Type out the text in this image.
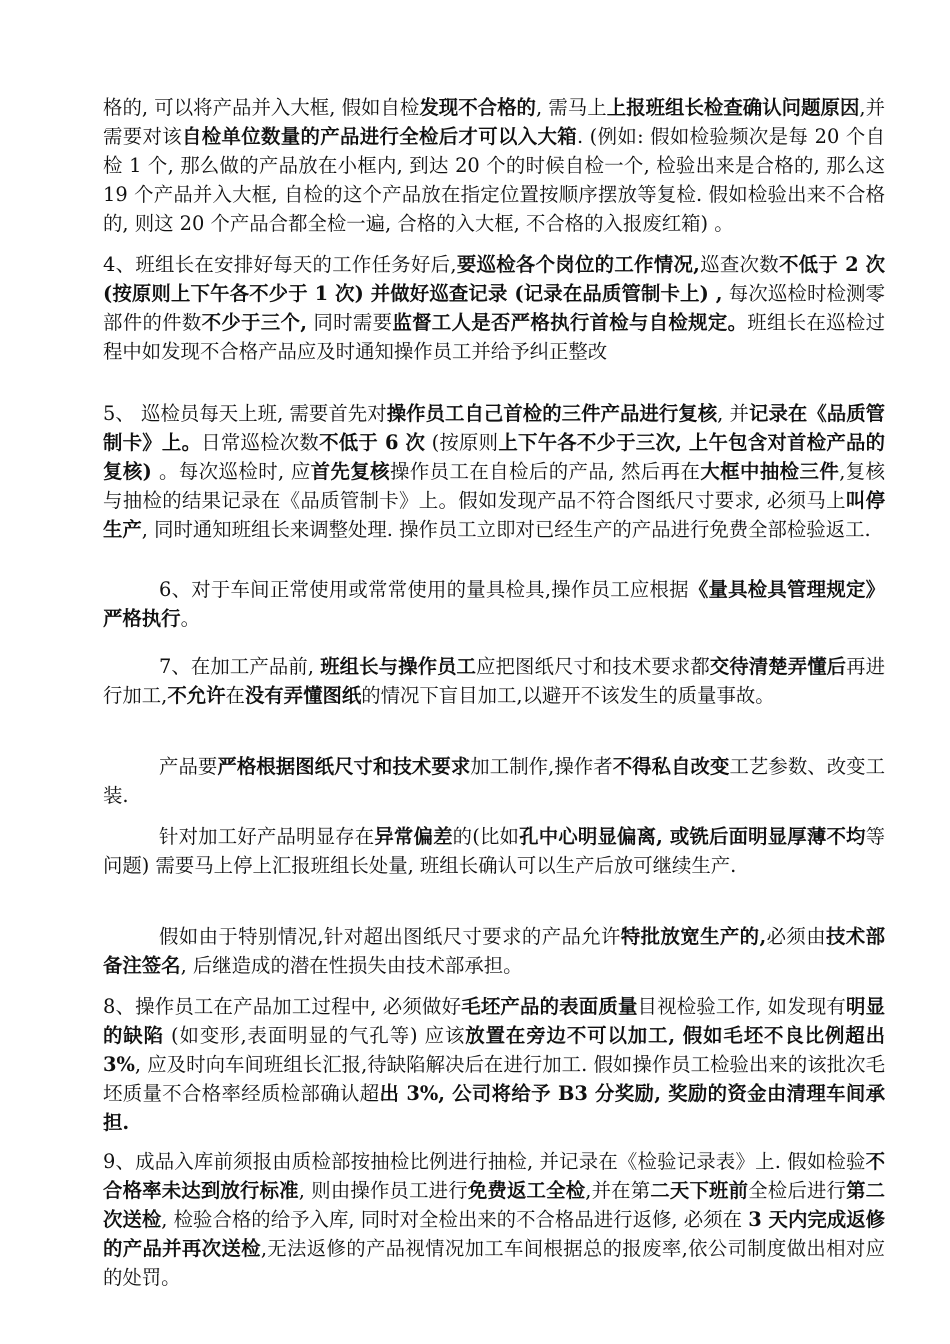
格的, 可以将产品并入大框, 假如自检发现不合格的, 需马上上报班组长检查确认问题原因,并需要对该自检单位数量的产品进行全检后才可以入大箱. (例如: 假如检验频次是每 20 个自检 1 个, 那么做的产品放在小框内, 到达 20 个的时候自检一个, 检验出来是合格的, 那么这 19 个产品并入大框, 自检的这个产品放在指定位置按顺序摆放等复检. 假如检验出来不合格的, 则这 20 个产品合都全检一遍, 合格的入大框, 不合格的入报废红箱) 。

4、班组长在安排好每天的工作任务好后,要巡检各个岗位的工作情况,巡查次数不低于 2 次(按原则上下午各不少于 1 次) 并做好巡查记录 (记录在品质管制卡上) , 每次巡检时检测零部件的件数不少于三个, 同时需要监督工人是否严格执行首检与自检规定。班组长在巡检过程中如发现不合格产品应及时通知操作员工并给予纠正整改

5、 巡检员每天上班, 需要首先对操作员工自己首检的三件产品进行复核, 并记录在《品质管制卡》上。日常巡检次数不低于 6 次 (按原则上下午各不少于三次, 上午包含对首检产品的复核) 。每次巡检时, 应首先复核操作员工在自检后的产品, 然后再在大框中抽检三件,复核与抽检的结果记录在《品质管制卡》上。假如发现产品不符合图纸尺寸要求, 必须马上叫停生产, 同时通知班组长来调整处理. 操作员工立即对已经生产的产品进行免费全部检验返工.

6、对于车间正常使用或常常使用的量具检具,操作员工应根据《量具检具管理规定》严格执行。

7、在加工产品前, 班组长与操作员工应把图纸尺寸和技术要求都交待清楚弄懂后再进行加工,不允许在没有弄懂图纸的情况下盲目加工,以避开不该发生的质量事故。

产品要严格根据图纸尺寸和技术要求加工制作,操作者不得私自改变工艺参数、改变工装.

针对加工好产品明显存在异常偏差的(比如孔中心明显偏离, 或铣后面明显厚薄不均等问题) 需要马上停上汇报班组长处量, 班组长确认可以生产后放可继续生产.

假如由于特别情况,针对超出图纸尺寸要求的产品允许特批放宽生产的,必须由技术部备注签名, 后继造成的潜在性损失由技术部承担。

8、操作员工在产品加工过程中, 必须做好毛坯产品的表面质量目视检验工作, 如发现有明显的缺陷 (如变形,表面明显的气孔等) 应该放置在旁边不可以加工, 假如毛坯不良比例超出 3%, 应及时向车间班组长汇报,待缺陷解决后在进行加工. 假如操作员工检验出来的该批次毛坯质量不合格率经质检部确认超出 3%, 公司将给予 B3 分奖励, 奖励的资金由清理车间承担.

9、成品入库前须报由质检部按抽检比例进行抽检, 并记录在《检验记录表》上. 假如检验不合格率未达到放行标准, 则由操作员工进行免费返工全检,并在第二天下班前全检后进行第二次送检, 检验合格的给予入库, 同时对全检出来的不合格品进行返修, 必须在 3 天内完成返修的产品并再次送检,无法返修的产品视情况加工车间根据总的报废率,依公司制度做出相对应的处罚。
